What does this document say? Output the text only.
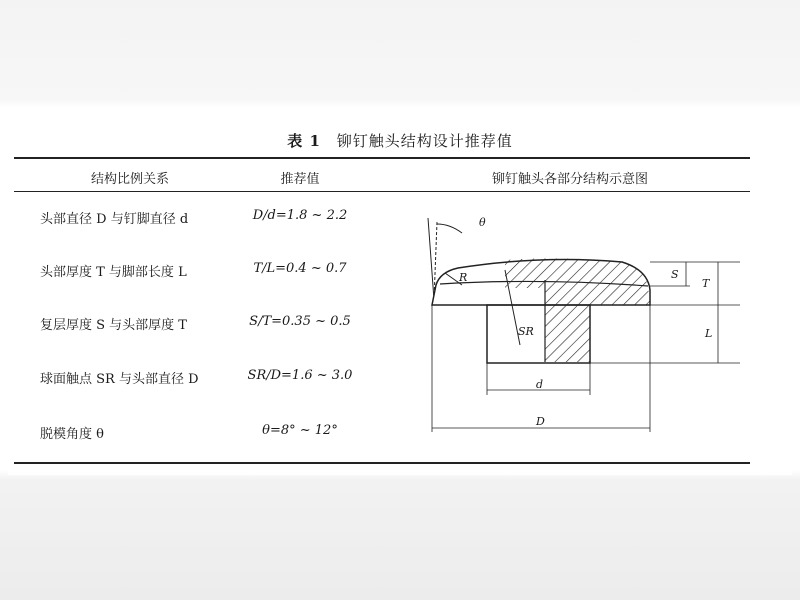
表 1 铆钉触头结构设计推荐值
结构比例关系	推荐值	铆钉触头各部分结构示意图
头部直径 D 与钉脚直径 d	D/d=1.8 ~ 2.2
头部厚度 T 与脚部长度 L	T/L=0.4 ~ 0.7
复层厚度 S 与头部厚度 T	S/T=0.35 ~ 0.5
球面触点 SR 与头部直径 D	SR/D=1.6 ~ 3.0
脱模角度 θ	θ=8° ~ 12°
θ
R	S
T
SR	L
d
D
